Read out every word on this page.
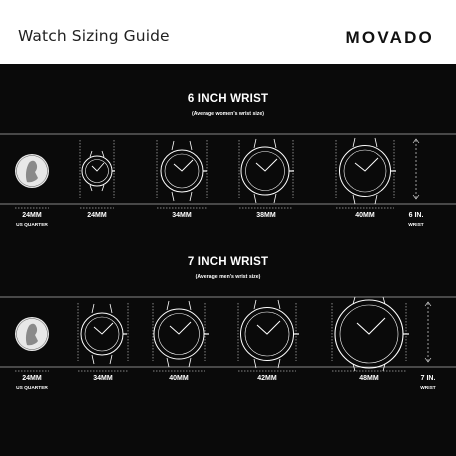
Watch Sizing Guide	MOVADO
6 INCH WRIST
(Average women's wrist size)
24MM
US QUARTER
24MM	34MM	38MM	40MM	6 IN.
WRIST
7 INCH WRIST
(Average men's wrist size)
24MM
US QUARTER
34MM	40MM	42MM	48MM	7 IN.
WRIST
